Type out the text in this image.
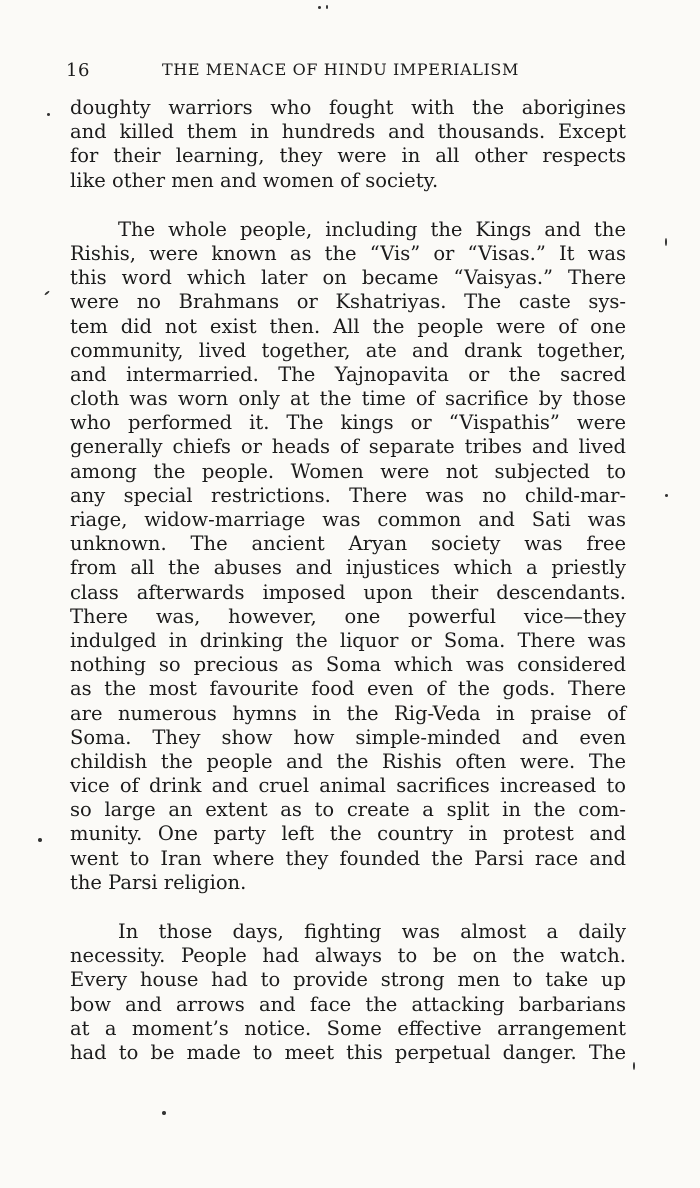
16	THE MENACE OF HINDU IMPERIALISM
doughty warriors who fought with the aborigines
and killed them in hundreds and thousands. Except
for their learning, they were in all other respects
like other men and women of society.
The whole people, including the Kings and the
Rishis, were known as the “Vis” or “Visas.” It was
this word which later on became “Vaisyas.” There
were no Brahmans or Kshatriyas. The caste sys-
tem did not exist then. All the people were of one
community, lived together, ate and drank together,
and intermarried. The Yajnopavita or the sacred
cloth was worn only at the time of sacrifice by those
who performed it. The kings or “Vispathis” were
generally chiefs or heads of separate tribes and lived
among the people. Women were not subjected to
any special restrictions. There was no child-mar-
riage, widow-marriage was common and Sati was
unknown. The ancient Aryan society was free
from all the abuses and injustices which a priestly
class afterwards imposed upon their descendants.
There was, however, one powerful vice—they
indulged in drinking the liquor or Soma. There was
nothing so precious as Soma which was considered
as the most favourite food even of the gods. There
are numerous hymns in the Rig-Veda in praise of
Soma. They show how simple-minded and even
childish the people and the Rishis often were. The
vice of drink and cruel animal sacrifices increased to
so large an extent as to create a split in the com-
munity. One party left the country in protest and
went to Iran where they founded the Parsi race and
the Parsi religion.
In those days, fighting was almost a daily
necessity. People had always to be on the watch.
Every house had to provide strong men to take up
bow and arrows and face the attacking barbarians
at a moment’s notice. Some effective arrangement
had to be made to meet this perpetual danger. The
